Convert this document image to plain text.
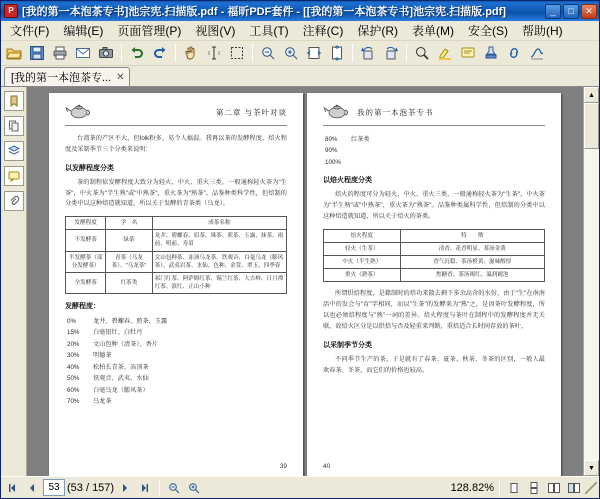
P [我的第一本泡茶专书]池宗宪.扫描版.pdf - 福昕PDF套件 - [[我的第一本泡茶专书]池宗宪.扫描版.pdf]	_	□	✕
文件(F)	编辑(E)	页面管理(P)	视图(V)	工具(T)	注释(C)	保护(R)	表单(M)	安全(S)	帮助(H)
[我的第一本泡茶专... ✕
第二章 与茶叶对谈

台湾茶的产区不大，但folk粉多、易令人搞混。我再以茶的发酵程度、焙火程度及采制季节三个分类来说明：

以发酵程度分类

茶的制程依发酵程度大致分为轻火、中火、重火三类，一般通称轻火茶为"生茶"，中火茶为"半生熟"或"中熟茶"，重火茶为"熟茶"。品鉴种类科学性，但焙制的分类中以这种焙造就知道，所以关于发酵的青茶类（乌龙）。

发酵程度	学　名	成茶名称
不发酵茶	绿茶	龙井、碧螺春、眉茶、珠茶、煎茶、玉露、抹茶、雨前、明前、寿眉
半发酵茶（部分发酵茶）	青茶（乌龙茶）、"乌龙茶"	文山包种茶、冻顶乌龙茶、铁观音、白毫乌龙（膨风茶）、武夷岩茶、水仙、色种、金萱、翠玉、四季春
全发酵茶	红茶类	祁门红茶、阿萨姆红茶、锡兰红茶、大吉岭、日月潭红茶、滇红、正山小种
发酵程度：
0%	龙井、碧螺春、煎茶、玉露
15%	白毫银针、白牡丹
20%	文山包种（清茶）、香片
30%	明德茶
40%	松柏长青茶、冻顶茶
50%	铁观音、武夷、水仙
60%	白毫乌龙（膨风茶）
70%	乌龙茶
39
我的第一本泡茶专书
80%	红茶类
90%
100%
以焙火程度分类

焙火的程度可分为轻火、中火、重火三类，一般通称轻火茶为"生茶"，中火茶为"半生熟"或"中熟茶"，重火茶为"熟茶"。品鉴种类属科学性，但焙制的分类中以这种焙造就知道，所以关于焙火的茶类。

焙火程度	特　　徵
轻火（生茶）	清香、花香明显、茶汤金黄
中火（半生熟）	香气沉稳、茶汤橙黄、滋味醇厚
重火（熟茶）	焦糖香、茶汤褐红、温润耐泡

所谓烘焙程度，是藉制时的焙功来散去剩下多余高含的水份，由于"生"在南南活中的发会与"育"字相同，而以"生茶"的发酵来为"熟"之，是因茶叶发酵程度，所以也必须焙程度与"熟"一词的差异。焙火程度与茶叶在制程中的发酵程度并无关联，故焙火区分是以烘焙与否及轻重来判断，重焙适合长时间存放的茶叶。

以采制季节分类

不同季节生产的茶，于是就有了春茶、夏茶、秋茶、冬茶的区别，一般人最欢春茶、冬茶，而它们的价格也较高。

40
▲
▼
53 (53 / 157)	128.82%
